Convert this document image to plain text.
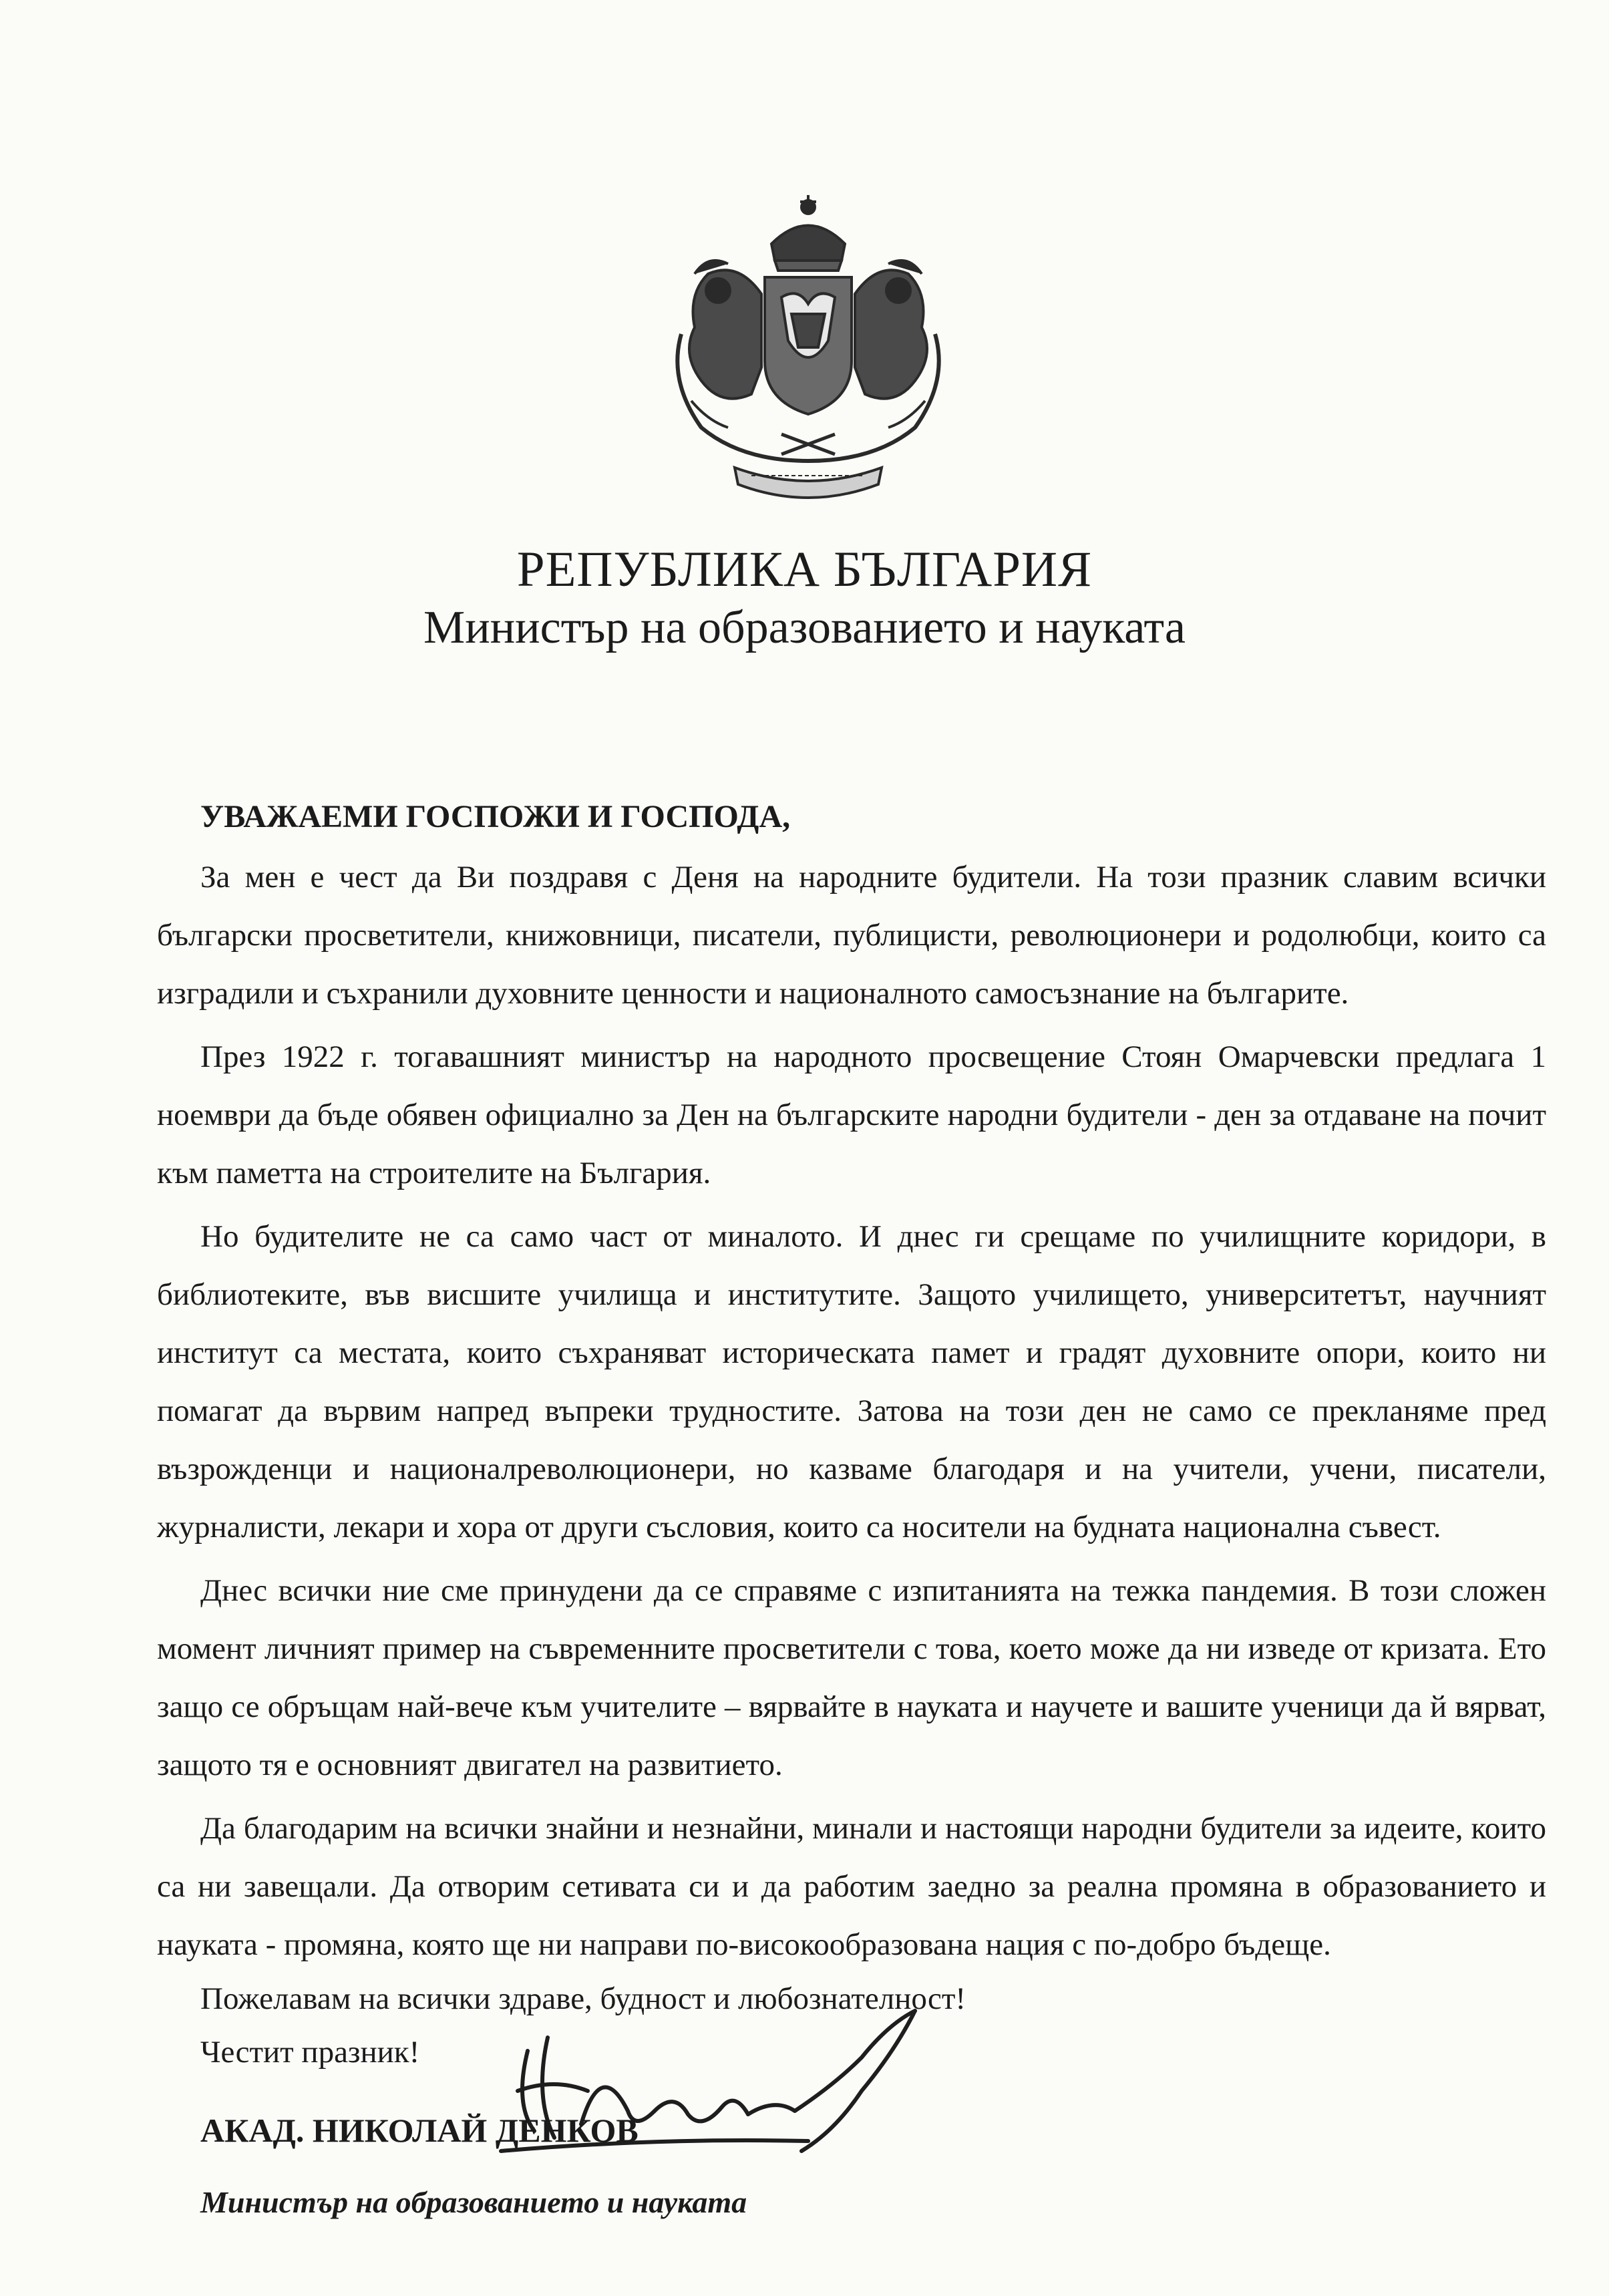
РЕПУБЛИКА БЪЛГАРИЯ
Министър на образованието и науката
УВАЖАЕМИ ГОСПОЖИ И ГОСПОДА,

За мен е чест да Ви поздравя с Деня на народните будители. На този празник славим всички български просветители, книжовници, писатели, публицисти, революционери и родолюбци, които са изградили и съхранили духовните ценности и националното самосъзнание на българите.

През 1922 г. тогавашният министър на народното просвещение Стоян Омарчевски предлага 1 ноември да бъде обявен официално за Ден на българските народни будители - ден за отдаване на почит към паметта на строителите на България.

Но будителите не са само част от миналото. И днес ги срещаме по училищните коридори, в библиотеките, във висшите училища и институтите. Защото училището, университетът, научният институт са местата, които съхраняват историческата памет и градят духовните опори, които ни помагат да вървим напред въпреки трудностите. Затова на този ден не само се прекланяме пред възрожденци и националреволюционери, но казваме благодаря и на учители, учени, писатели, журналисти, лекари и хора от други съсловия, които са носители на будната национална съвест.

Днес всички ние сме принудени да се справяме с изпитанията на тежка пандемия. В този сложен момент личният пример на съвременните просветители с това, което може да ни изведе от кризата. Ето защо се обръщам най-вече към учителите – вярвайте в науката и научете и вашите ученици да й вярват, защото тя е основният двигател на развитието.

Да благодарим на всички знайни и незнайни, минали и настоящи народни будители за идеите, които са ни завещали. Да отворим сетивата си и да работим заедно за реална промяна в образованието и науката - промяна, която ще ни направи по-високообразована нация с по-добро бъдеще.

Пожелавам на всички здраве, будност и любознателност!
Честит празник!
АКАД. НИКОЛАЙ ДЕНКОВ
Министър на образованието и науката
